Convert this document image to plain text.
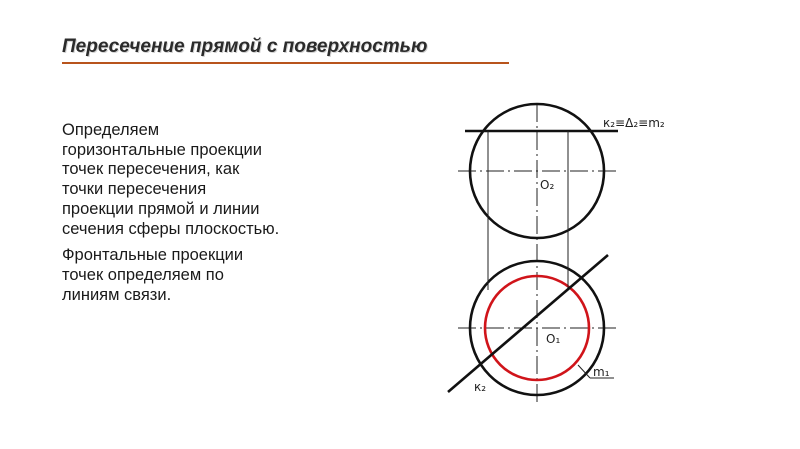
Пересечение прямой с поверхностью

Определяем
горизонтальные проекции
точек пересечения, как
точки пересечения
проекции прямой и линии
сечения сферы плоскостью.

Фронтальные проекции
точек определяем по
линиям связи.

к₂≡Δ₂≡m₂
O₂
O₁
m₁
к₂
